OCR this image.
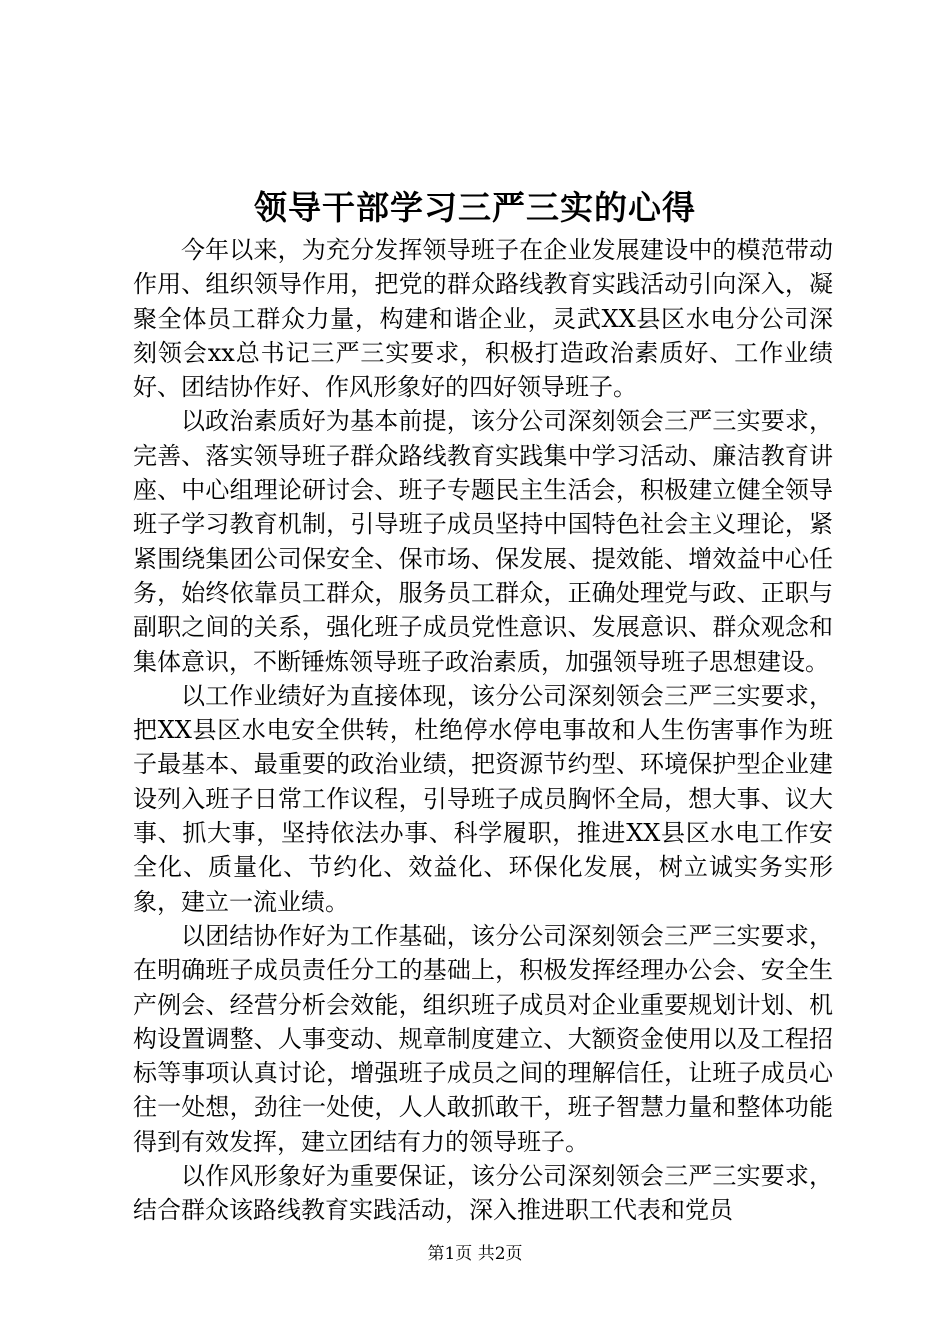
领导干部学习三严三实的心得

今年以来，为充分发挥领导班子在企业发展建设中的模范带动作用、组织领导作用，把党的群众路线教育实践活动引向深入，凝聚全体员工群众力量，构建和谐企业，灵武XX县区水电分公司深刻领会xx总书记三严三实要求，积极打造政治素质好、工作业绩好、团结协作好、作风形象好的四好领导班子。

以政治素质好为基本前提，该分公司深刻领会三严三实要求，完善、落实领导班子群众路线教育实践集中学习活动、廉洁教育讲座、中心组理论研讨会、班子专题民主生活会，积极建立健全领导班子学习教育机制，引导班子成员坚持中国特色社会主义理论，紧紧围绕集团公司保安全、保市场、保发展、提效能、增效益中心任务，始终依靠员工群众，服务员工群众，正确处理党与政、正职与副职之间的关系，强化班子成员党性意识、发展意识、群众观念和集体意识，不断锤炼领导班子政治素质，加强领导班子思想建设。

以工作业绩好为直接体现，该分公司深刻领会三严三实要求，把XX县区水电安全供转，杜绝停水停电事故和人生伤害事作为班子最基本、最重要的政治业绩，把资源节约型、环境保护型企业建设列入班子日常工作议程，引导班子成员胸怀全局，想大事、议大事、抓大事，坚持依法办事、科学履职，推进XX县区水电工作安全化、质量化、节约化、效益化、环保化发展，树立诚实务实形象，建立一流业绩。

以团结协作好为工作基础，该分公司深刻领会三严三实要求，在明确班子成员责任分工的基础上，积极发挥经理办公会、安全生产例会、经营分析会效能，组织班子成员对企业重要规划计划、机构设置调整、人事变动、规章制度建立、大额资金使用以及工程招标等事项认真讨论，增强班子成员之间的理解信任，让班子成员心往一处想，劲往一处使，人人敢抓敢干，班子智慧力量和整体功能得到有效发挥，建立团结有力的领导班子。

以作风形象好为重要保证，该分公司深刻领会三严三实要求，结合群众该路线教育实践活动，深入推进职工代表和党员

第1页 共2页
